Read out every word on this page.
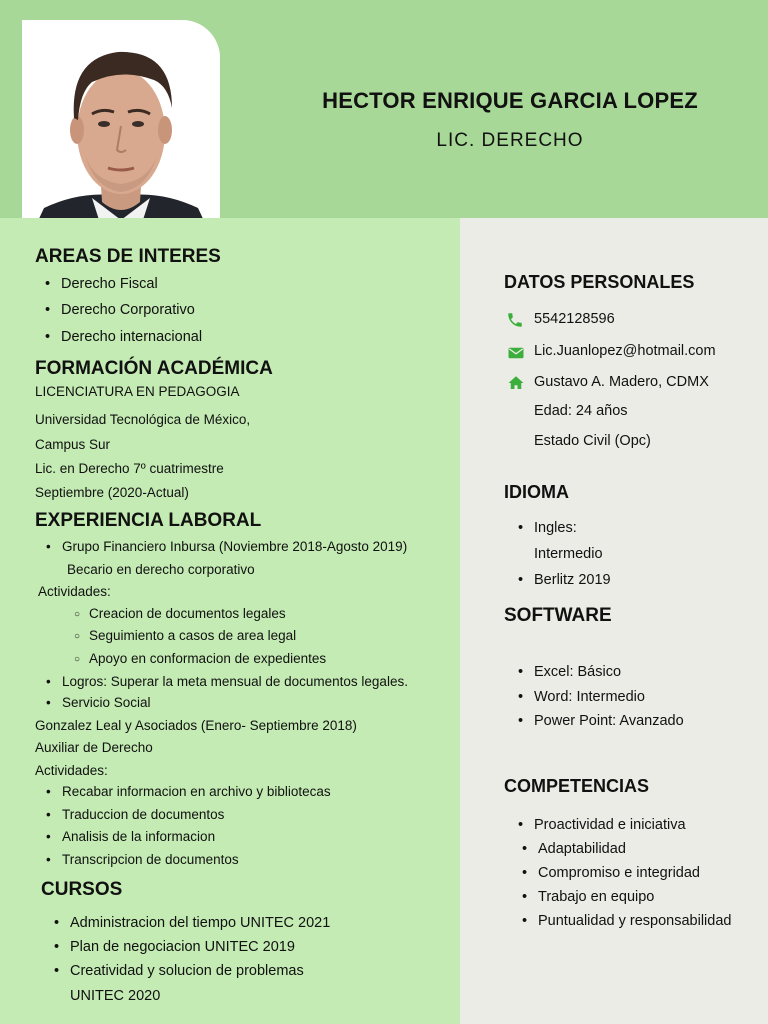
HECTOR ENRIQUE GARCIA LOPEZ
LIC. DERECHO
AREAS DE INTERES
• Derecho Fiscal
• Derecho Corporativo
• Derecho internacional
FORMACIÓN ACADÉMICA
LICENCIATURA EN PEDAGOGIA
Universidad Tecnológica de México,
Campus Sur
Lic. en Derecho 7º cuatrimestre
Septiembre (2020-Actual)
EXPERIENCIA LABORAL
• Grupo Financiero Inbursa (Noviembre 2018-Agosto 2019)
Becario en derecho corporativo
Actividades:
○ Creacion de documentos legales
○ Seguimiento a casos de area legal
○ Apoyo en conformacion de expedientes
• Logros: Superar la meta mensual de documentos legales.
• Servicio Social
Gonzalez Leal y Asociados (Enero- Septiembre 2018)
Auxiliar de Derecho
Actividades:
• Recabar informacion en archivo y bibliotecas
• Traduccion de documentos
• Analisis de la informacion
• Transcripcion de documentos
CURSOS
• Administracion del tiempo UNITEC 2021
• Plan de negociacion UNITEC 2019
• Creatividad y solucion de problemas
UNITEC 2020
DATOS PERSONALES
5542128596
Lic.Juanlopez@hotmail.com
Gustavo A. Madero, CDMX
Edad: 24 años
Estado Civil (Opc)
IDIOMA
• Ingles:
Intermedio
• Berlitz 2019
SOFTWARE
• Excel: Básico
• Word: Intermedio
• Power Point: Avanzado
COMPETENCIAS
• Proactividad e iniciativa
• Adaptabilidad
• Compromiso e integridad
• Trabajo en equipo
• Puntualidad y responsabilidad
